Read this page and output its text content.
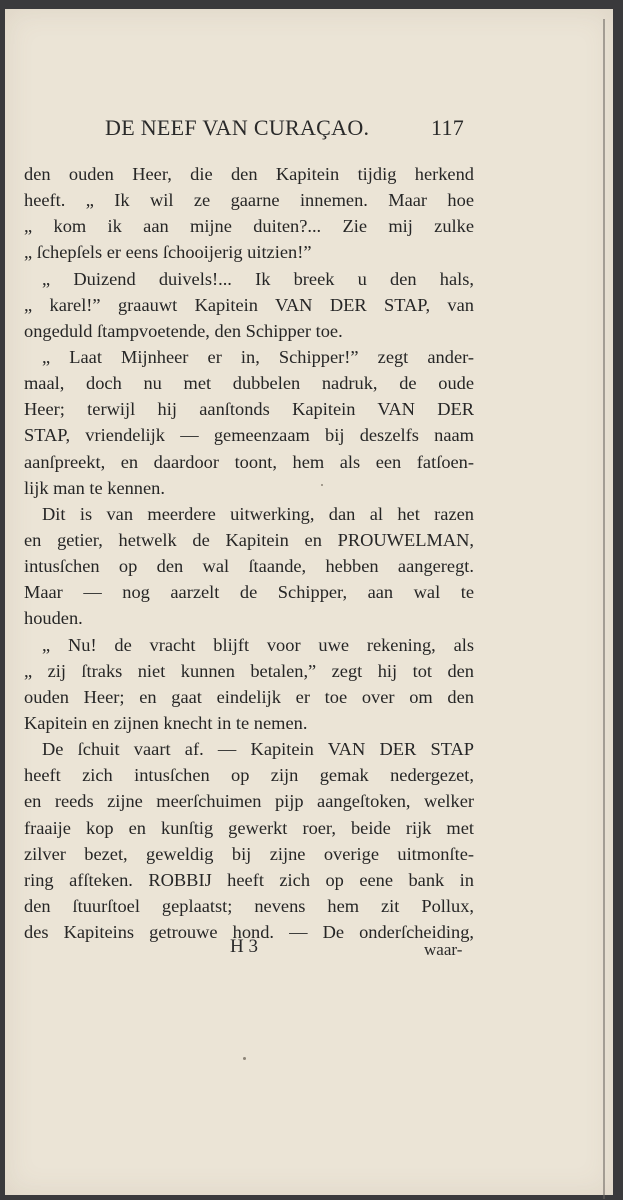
DE NEEF VAN CURAÇAO.	117
den ouden Heer, die den Kapitein tijdig herkend
heeft. „ Ik wil ze gaarne innemen. Maar hoe
„ kom ik aan mijne duiten?... Zie mij zulke
„ ſchepſels er eens ſchooijerig uitzien!”
„ Duizend duivels!... Ik breek u den hals,
„ karel!” graauwt Kapitein VAN DER STAP, van
ongeduld ſtampvoetende, den Schipper toe.
„ Laat Mijnheer er in, Schipper!” zegt ander-
maal, doch nu met dubbelen nadruk, de oude
Heer; terwijl hij aanſtonds Kapitein VAN DER
STAP, vriendelijk — gemeenzaam bij deszelfs naam
aanſpreekt, en daardoor toont, hem als een fatſoen-
lijk man te kennen.
Dit is van meerdere uitwerking, dan al het razen
en getier, hetwelk de Kapitein en PROUWELMAN,
intusſchen op den wal ſtaande, hebben aangeregt.
Maar — nog aarzelt de Schipper, aan wal te
houden.
„ Nu! de vracht blijft voor uwe rekening, als
„ zij ſtraks niet kunnen betalen,” zegt hij tot den
ouden Heer; en gaat eindelijk er toe over om den
Kapitein en zijnen knecht in te nemen.
De ſchuit vaart af. — Kapitein VAN DER STAP
heeft zich intusſchen op zijn gemak nedergezet,
en reeds zijne meerſchuimen pijp aangeſtoken, welker
fraaije kop en kunſtig gewerkt roer, beide rijk met
zilver bezet, geweldig bij zijne overige uitmonſte-
ring afſteken. ROBBIJ heeft zich op eene bank in
den ſtuurſtoel geplaatst; nevens hem zit Pollux,
des Kapiteins getrouwe hond. — De onderſcheiding,
H 3	waar-
